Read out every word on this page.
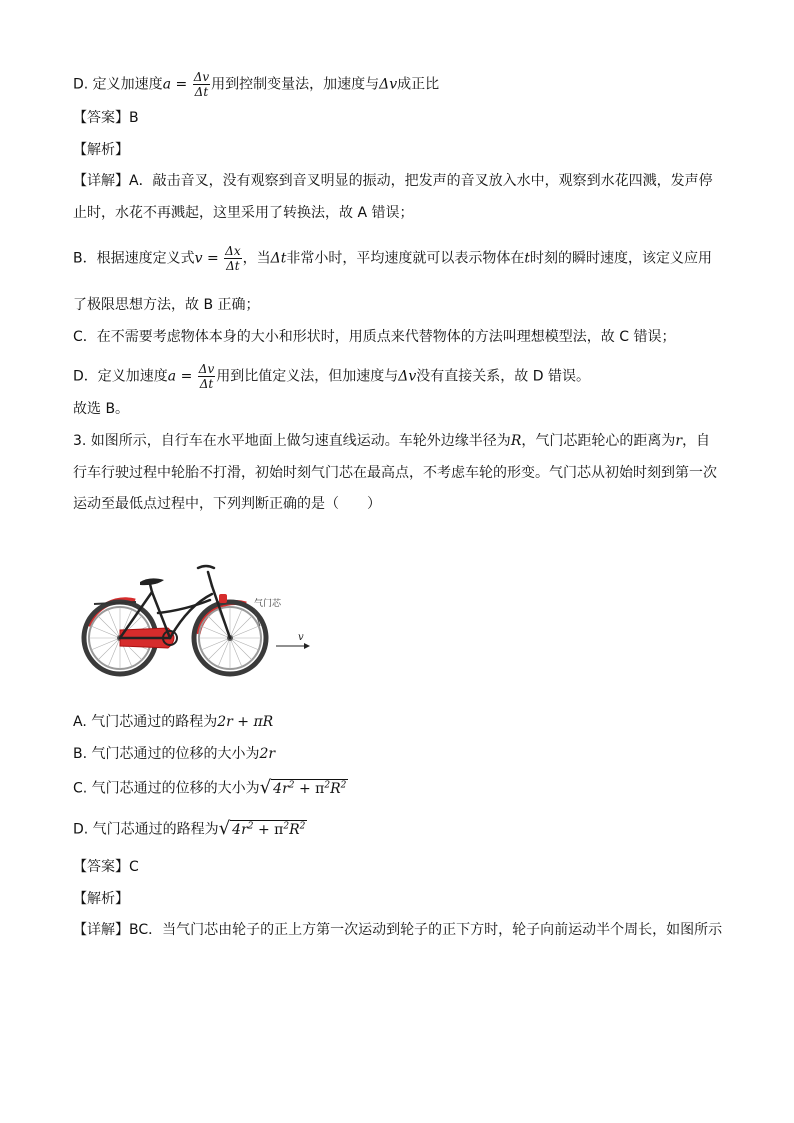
D. 定义加速度$a = \frac{\Delta v}{\Delta t}$ 用到控制变量法，加速度与Δv成正比
【答案】B
【解析】
【详解】A．敲击音叉，没有观察到音叉明显的振动，把发声的音叉放入水中，观察到水花四溅，发声停
止时，水花不再溅起，这里采用了转换法，故 A 错误；
B．根据速度定义式$v = \frac{\Delta x}{\Delta t}$ ，当Δt非常小时，平均速度就可以表示物体在t时刻的瞬时速度，该定义应用
了极限思想方法，故 B 正确；
C．在不需要考虑物体本身的大小和形状时，用质点来代替物体的方法叫理想模型法，故 C 错误；
D．定义加速度$a = \frac{\Delta v}{\Delta t}$ 用到比值定义法，但加速度与Δv没有直接关系，故 D 错误。
故选 B。
3. 如图所示，自行车在水平地面上做匀速直线运动。车轮外边缘半径为R，气门芯距轮心的距离为r，自
行车行驶过程中轮胎不打滑，初始时刻气门芯在最高点，不考虑车轮的形变。气门芯从初始时刻到第一次
运动至最低点过程中，下列判断正确的是（　　）
气门芯
v
A. 气门芯通过的路程为2r + πR
B. 气门芯通过的位移的大小为2r
C. 气门芯通过的位移的大小为√ $4r^2 + \pi^2R^2$
D. 气门芯通过的路程为√ $4r^2 + \pi^2R^2$
【答案】C
【解析】
【详解】BC．当气门芯由轮子的正上方第一次运动到轮子的正下方时，轮子向前运动半个周长，如图所示
